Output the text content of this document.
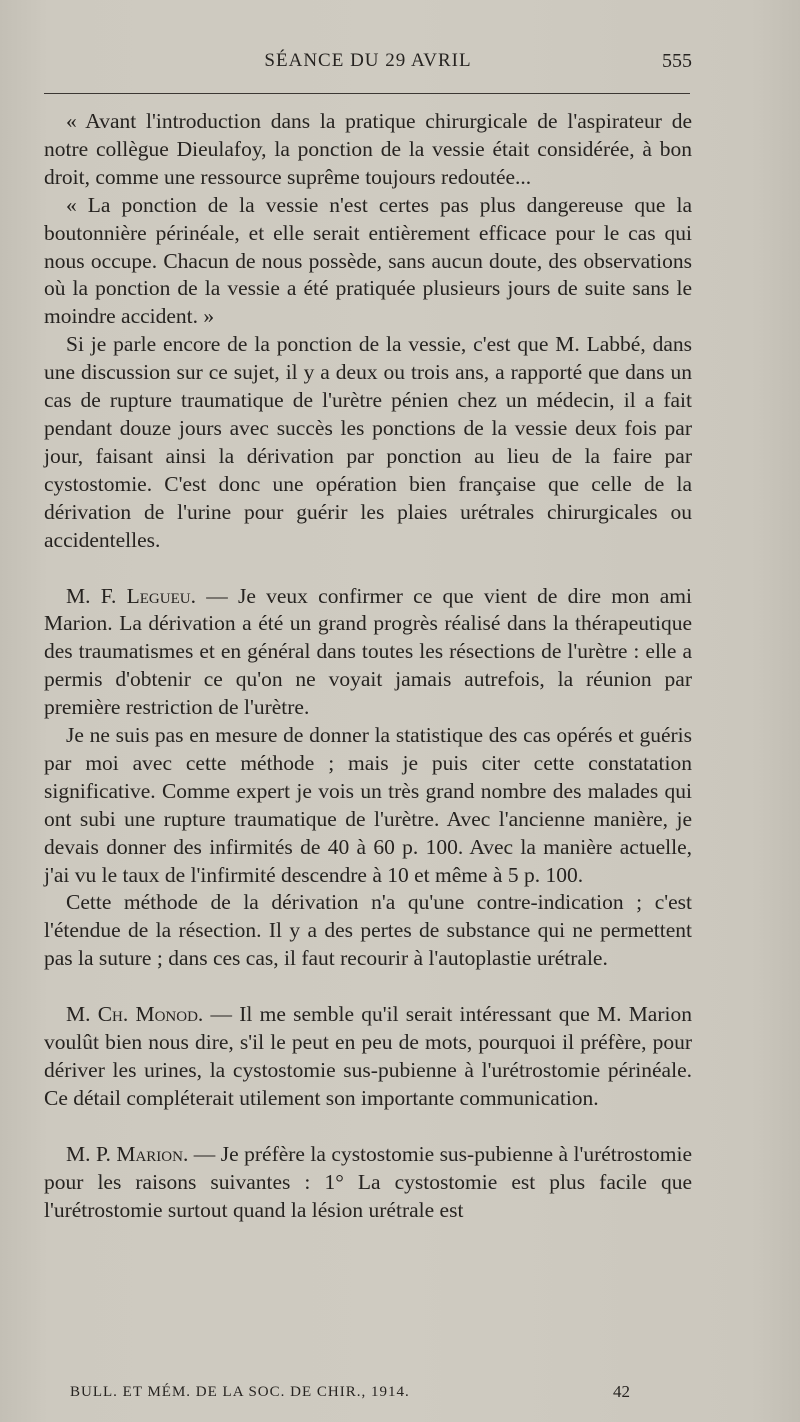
SÉANCE DU 29 AVRIL	555

« Avant l'introduction dans la pratique chirurgicale de l'aspirateur de notre collègue Dieulafoy, la ponction de la vessie était considérée, à bon droit, comme une ressource suprême toujours redoutée...

« La ponction de la vessie n'est certes pas plus dangereuse que la boutonnière périnéale, et elle serait entièrement efficace pour le cas qui nous occupe. Chacun de nous possède, sans aucun doute, des observations où la ponction de la vessie a été pratiquée plusieurs jours de suite sans le moindre accident. »

Si je parle encore de la ponction de la vessie, c'est que M. Labbé, dans une discussion sur ce sujet, il y a deux ou trois ans, a rapporté que dans un cas de rupture traumatique de l'urètre pénien chez un médecin, il a fait pendant douze jours avec succès les ponctions de la vessie deux fois par jour, faisant ainsi la dérivation par ponction au lieu de la faire par cystostomie. C'est donc une opération bien française que celle de la dérivation de l'urine pour guérir les plaies urétrales chirurgicales ou accidentelles.

M. F. Legueu. — Je veux confirmer ce que vient de dire mon ami Marion. La dérivation a été un grand progrès réalisé dans la thérapeutique des traumatismes et en général dans toutes les résections de l'urètre : elle a permis d'obtenir ce qu'on ne voyait jamais autrefois, la réunion par première restriction de l'urètre.

Je ne suis pas en mesure de donner la statistique des cas opérés et guéris par moi avec cette méthode ; mais je puis citer cette constatation significative. Comme expert je vois un très grand nombre des malades qui ont subi une rupture traumatique de l'urètre. Avec l'ancienne manière, je devais donner des infirmités de 40 à 60 p. 100. Avec la manière actuelle, j'ai vu le taux de l'infirmité descendre à 10 et même à 5 p. 100.

Cette méthode de la dérivation n'a qu'une contre-indication ; c'est l'étendue de la résection. Il y a des pertes de substance qui ne permettent pas la suture ; dans ces cas, il faut recourir à l'autoplastie urétrale.

M. Ch. Monod. — Il me semble qu'il serait intéressant que M. Marion voulût bien nous dire, s'il le peut en peu de mots, pourquoi il préfère, pour dériver les urines, la cystostomie sus-pubienne à l'urétrostomie périnéale. Ce détail compléterait utilement son importante communication.

M. P. Marion. — Je préfère la cystostomie sus-pubienne à l'urétrostomie pour les raisons suivantes : 1° La cystostomie est plus facile que l'urétrostomie surtout quand la lésion urétrale est

BULL. ET MÉM. DE LA SOC. DE CHIR., 1914.	42
